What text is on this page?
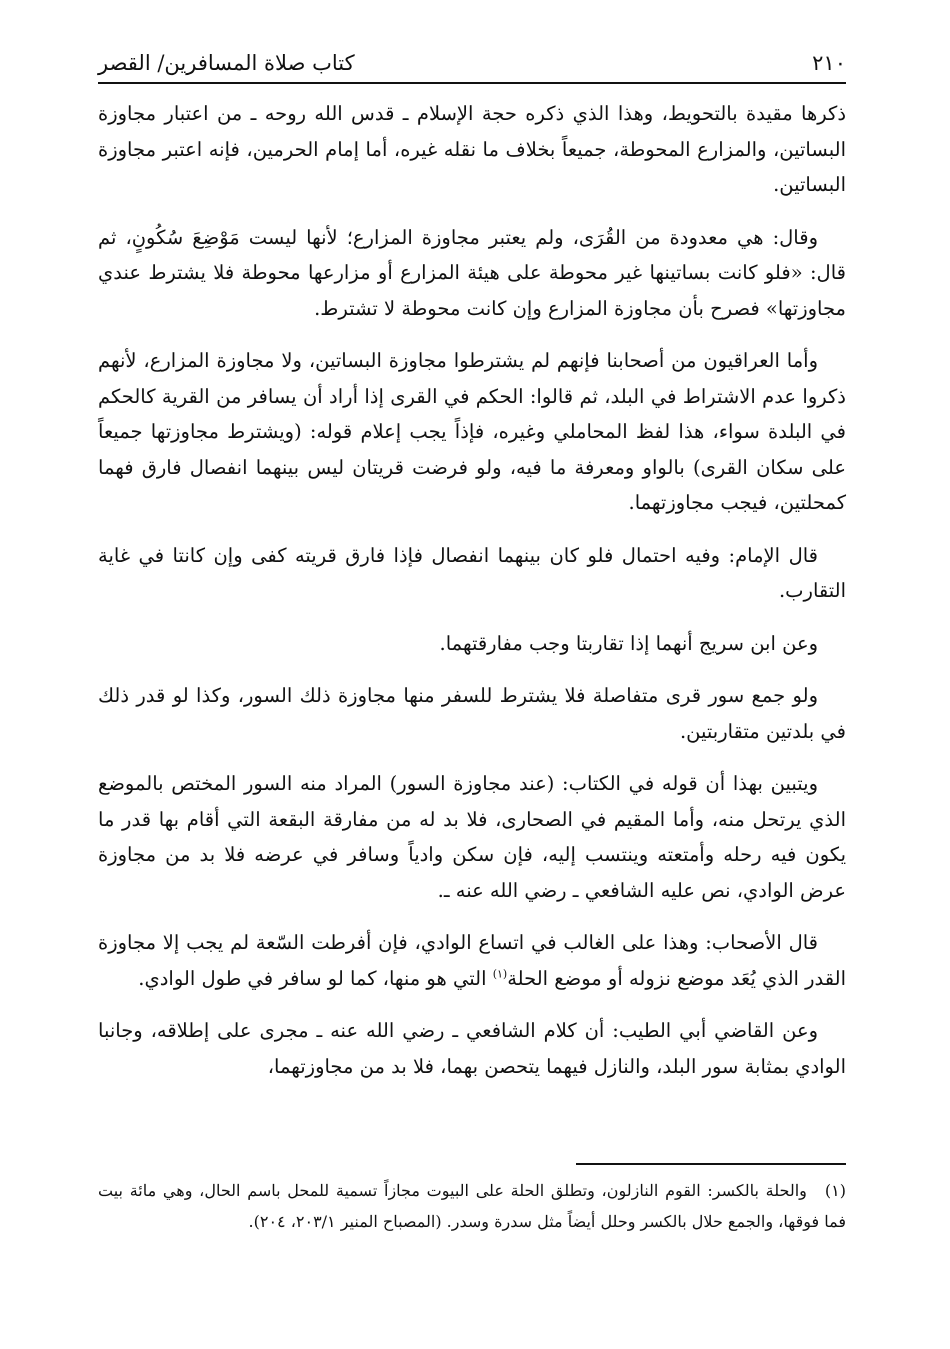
٢١٠
كتاب صلاة المسافرين/ القصر

ذكرها مقيدة بالتحويط، وهذا الذي ذكره حجة الإسلام ـ قدس الله روحه ـ من اعتبار مجاوزة البساتين، والمزارع المحوطة، جميعاً بخلاف ما نقله غيره، أما إمام الحرمين، فإنه اعتبر مجاوزة البساتين.

وقال: هي معدودة من القُرَى، ولم يعتبر مجاوزة المزارع؛ لأنها ليست مَوْضِعَ سُكُونٍ، ثم قال: «فلو كانت بساتينها غير محوطة على هيئة المزارع أو مزارعها محوطة فلا يشترط عندي مجاوزتها» فصرح بأن مجاوزة المزارع وإن كانت محوطة لا تشترط.

وأما العراقيون من أصحابنا فإنهم لم يشترطوا مجاوزة البساتين، ولا مجاوزة المزارع، لأنهم ذكروا عدم الاشتراط في البلد، ثم قالوا: الحكم في القرى إذا أراد أن يسافر من القرية كالحكم في البلدة سواء، هذا لفظ المحاملي وغيره، فإذاً يجب إعلام قوله: (ويشترط مجاوزتها جميعاً على سكان القرى) بالواو ومعرفة ما فيه، ولو فرضت قريتان ليس بينهما انفصال فارق فهما كمحلتين، فيجب مجاوزتهما.

قال الإمام: وفيه احتمال فلو كان بينهما انفصال فإذا فارق قريته كفى وإن كانتا في غاية التقارب.

وعن ابن سريج أنهما إذا تقاربتا وجب مفارقتهما.

ولو جمع سور قرى متفاصلة فلا يشترط للسفر منها مجاوزة ذلك السور، وكذا لو قدر ذلك في بلدتين متقاربتين.

ويتبين بهذا أن قوله في الكتاب: (عند مجاوزة السور) المراد منه السور المختص بالموضع الذي يرتحل منه، وأما المقيم في الصحارى، فلا بد له من مفارقة البقعة التي أقام بها قدر ما يكون فيه رحله وأمتعته وينتسب إليه، فإن سكن وادياً وسافر في عرضه فلا بد من مجاوزة عرض الوادي، نص عليه الشافعي ـ رضي الله عنه ـ.

قال الأصحاب: وهذا على الغالب في اتساع الوادي، فإن أفرطت السّعة لم يجب إلا مجاوزة القدر الذي يُعَد موضع نزوله أو موضع الحلة$^{(١)}$ التي هو منها، كما لو سافر في طول الوادي.

وعن القاضي أبي الطيب: أن كلام الشافعي ـ رضي الله عنه ـ مجرى على إطلاقه، وجانبا الوادي بمثابة سور البلد، والنازل فيهما يتحصن بهما، فلا بد من مجاوزتهما،

(١)والحلة بالكسر: القوم النازلون، وتطلق الحلة على البيوت مجازاً تسمية للمحل باسم الحال، وهي مائة بيت فما فوقها، والجمع حلال بالكسر وحلل أيضاً مثل سدرة وسدر. (المصباح المنير ٢٠٣/١، ٢٠٤).
